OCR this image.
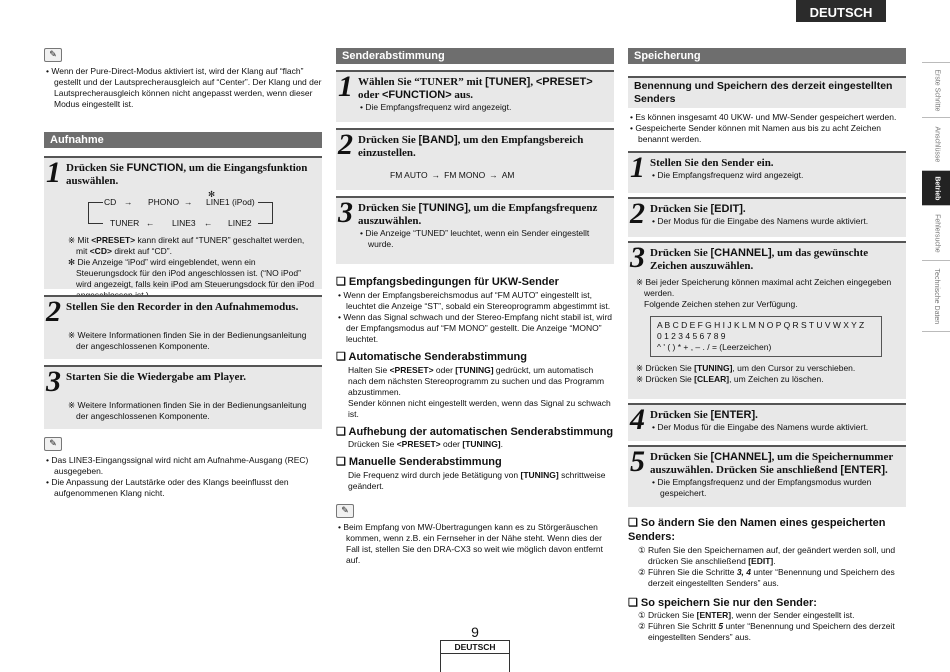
DEUTSCH
Erste Schritte
Anschlüsse
Betrieb
Fehlersuche
Technische Daten
✎

• Wenn der Pure-Direct-Modus aktiviert ist, wird der Klang auf “flach” gestellt und der Lautsprecherausgleich auf “Center”. Der Klang und der Lautsprecherausgleich können nicht angepasst werden, wenn dieser Modus eingestellt ist.

Aufnahme
1 Drücken Sie FUNCTION, um die Eingangsfunktion auswählen.
✻
CD → PHONO → LINE1 (iPod)
TUNER ← LINE3 ← LINE2

※ Mit <PRESET> kann direkt auf “TUNER” geschaltet werden, mit <CD> direkt auf “CD”.

✻ Die Anzeige “iPod” wird eingeblendet, wenn ein Steuerungsdock für den iPod angeschlossen ist. (“NO iPod” wird angezeigt, falls kein iPod am Steuerungsdock für den iPod

2 Stellen Sie den Recorder in den Aufnahmemodus.

※ Weitere Informationen finden Sie in der Bedienungsanleitung der angeschlossenen Komponente.

3 Starten Sie die Wiedergabe am Player.

※ Weitere Informationen finden Sie in der Bedienungsanleitung der angeschlossenen Komponente.

✎

• Das LINE3-Eingangssignal wird nicht am Aufnahme-Ausgang (REC) ausgegeben.

• Die Anpassung der Lautstärke oder des Klangs beeinflusst den aufgenommenen Klang nicht.

Senderabstimmung
1 Wählen Sie “TUNER” mit [TUNER], <PRESET> oder <FUNCTION> aus.

• Die Empfangsfrequenz wird angezeigt.

2 Drücken Sie [BAND], um den Empfangsbereich einzustellen.
FM AUTO → FM MONO → AM
3 Drücken Sie [TUNING], um die Empfangsfrequenz auszuwählen.

• Die Anzeige “TUNED” leuchtet, wenn ein Sender eingestellt wurde.

❏ Empfangsbedingungen für UKW-Sender

• Wenn der Empfangsbereichsmodus auf “FM AUTO” eingestellt ist, leuchtet die Anzeige “ST”, sobald ein Stereoprogramm abgestimmt ist.

• Wenn das Signal schwach und der Stereo-Empfang nicht stabil ist, wird der Empfangsmodus auf “FM MONO” gestellt. Die Anzeige “MONO” leuchtet.

❏ Automatische Senderabstimmung

Halten Sie <PRESET> oder [TUNING] gedrückt, um automatisch nach dem nächsten Stereoprogramm zu suchen und das Programm abzustimmen.

Sender können nicht eingestellt werden, wenn das Signal zu schwach ist.

❏ Aufhebung der automatischen Senderabstimmung

Drücken Sie <PRESET> oder [TUNING].

❏ Manuelle Senderabstimmung

Die Frequenz wird durch jede Betätigung von [TUNING] schrittweise geändert.

✎

• Beim Empfang von MW-Übertragungen kann es zu Störgeräuschen kommen, wenn z.B. ein Fernseher in der Nähe steht. Wenn dies der Fall ist, stellen Sie den DRA-CX3 so weit wie möglich davon entfernt auf.

Speicherung
Benennung und Speichern des derzeit eingestellten Senders

• Es können insgesamt 40 UKW- und MW-Sender gespeichert werden.

• Gespeicherte Sender können mit Namen aus bis zu acht Zeichen benannt werden.

1 Stellen Sie den Sender ein.

• Die Empfangsfrequenz wird angezeigt.

2 Drücken Sie [EDIT].

• Der Modus für die Eingabe des Namens wurde aktiviert.

3 Drücken Sie [CHANNEL], um das gewünschte Zeichen auszuwählen.

※ Bei jeder Speicherung können maximal acht Zeichen eingegeben werden.

Folgende Zeichen stehen zur Verfügung.

A B C D E F G H I J K L M N O P Q R S T U V W X Y Z
0 1 2 3 4 5 6 7 8 9
^ ' ( ) * + , – . / = (Leerzeichen)

※ Drücken Sie [TUNING], um den Cursor zu verschieben.

※ Drücken Sie [CLEAR], um Zeichen zu löschen.

4 Drücken Sie [ENTER].

• Der Modus für die Eingabe des Namens wurde aktiviert.

5 Drücken Sie [CHANNEL], um die Speichernummer auszuwählen. Drücken Sie anschließend [ENTER].

• Die Empfangsfrequenz und der Empfangsmodus wurden gespeichert.

❏ So ändern Sie den Namen eines gespeicherten Senders:

① Rufen Sie den Speichernamen auf, der geändert werden soll, und drücken Sie anschließend [EDIT].

② Führen Sie die Schritte 3, 4 unter “Benennung und Speichern des derzeit eingestellten Senders” aus.

❏ So speichern Sie nur den Sender:

① Drücken Sie [ENTER], wenn der Sender eingestellt ist.

② Führen Sie Schritt 5 unter “Benennung und Speichern des derzeit eingestellten Senders” aus.

9
DEUTSCH
